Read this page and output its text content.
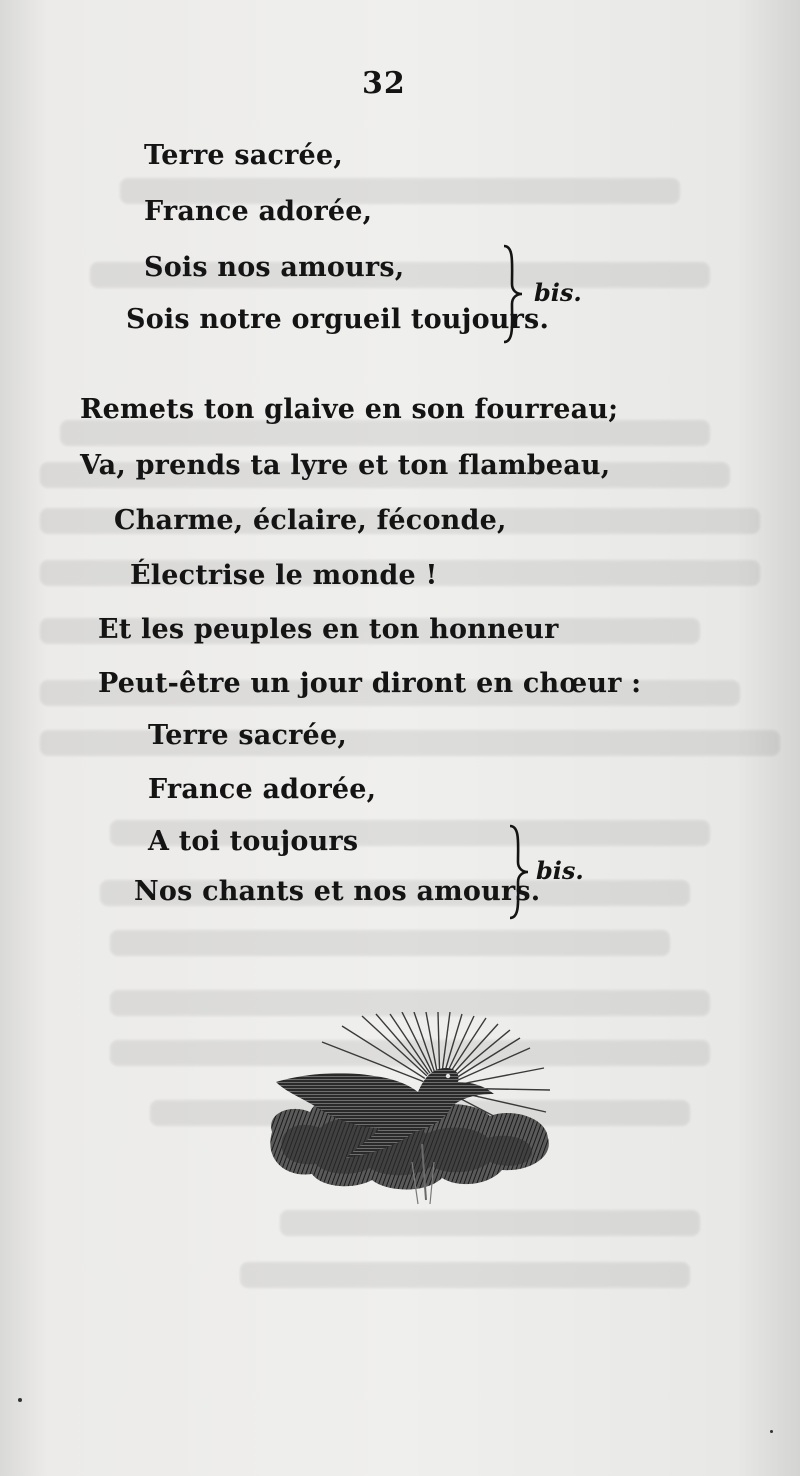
32
Terre sacrée,
France adorée,
Sois nos amours,
Sois notre orgueil toujours.
bis.
Remets ton glaive en son fourreau;
Va, prends ta lyre et ton flambeau,
Charme, éclaire, féconde,
Électrise le monde !
Et les peuples en ton honneur
Peut-être un jour diront en chœur :
Terre sacrée,
France adorée,
A toi toujours
Nos chants et nos amours.
bis.
